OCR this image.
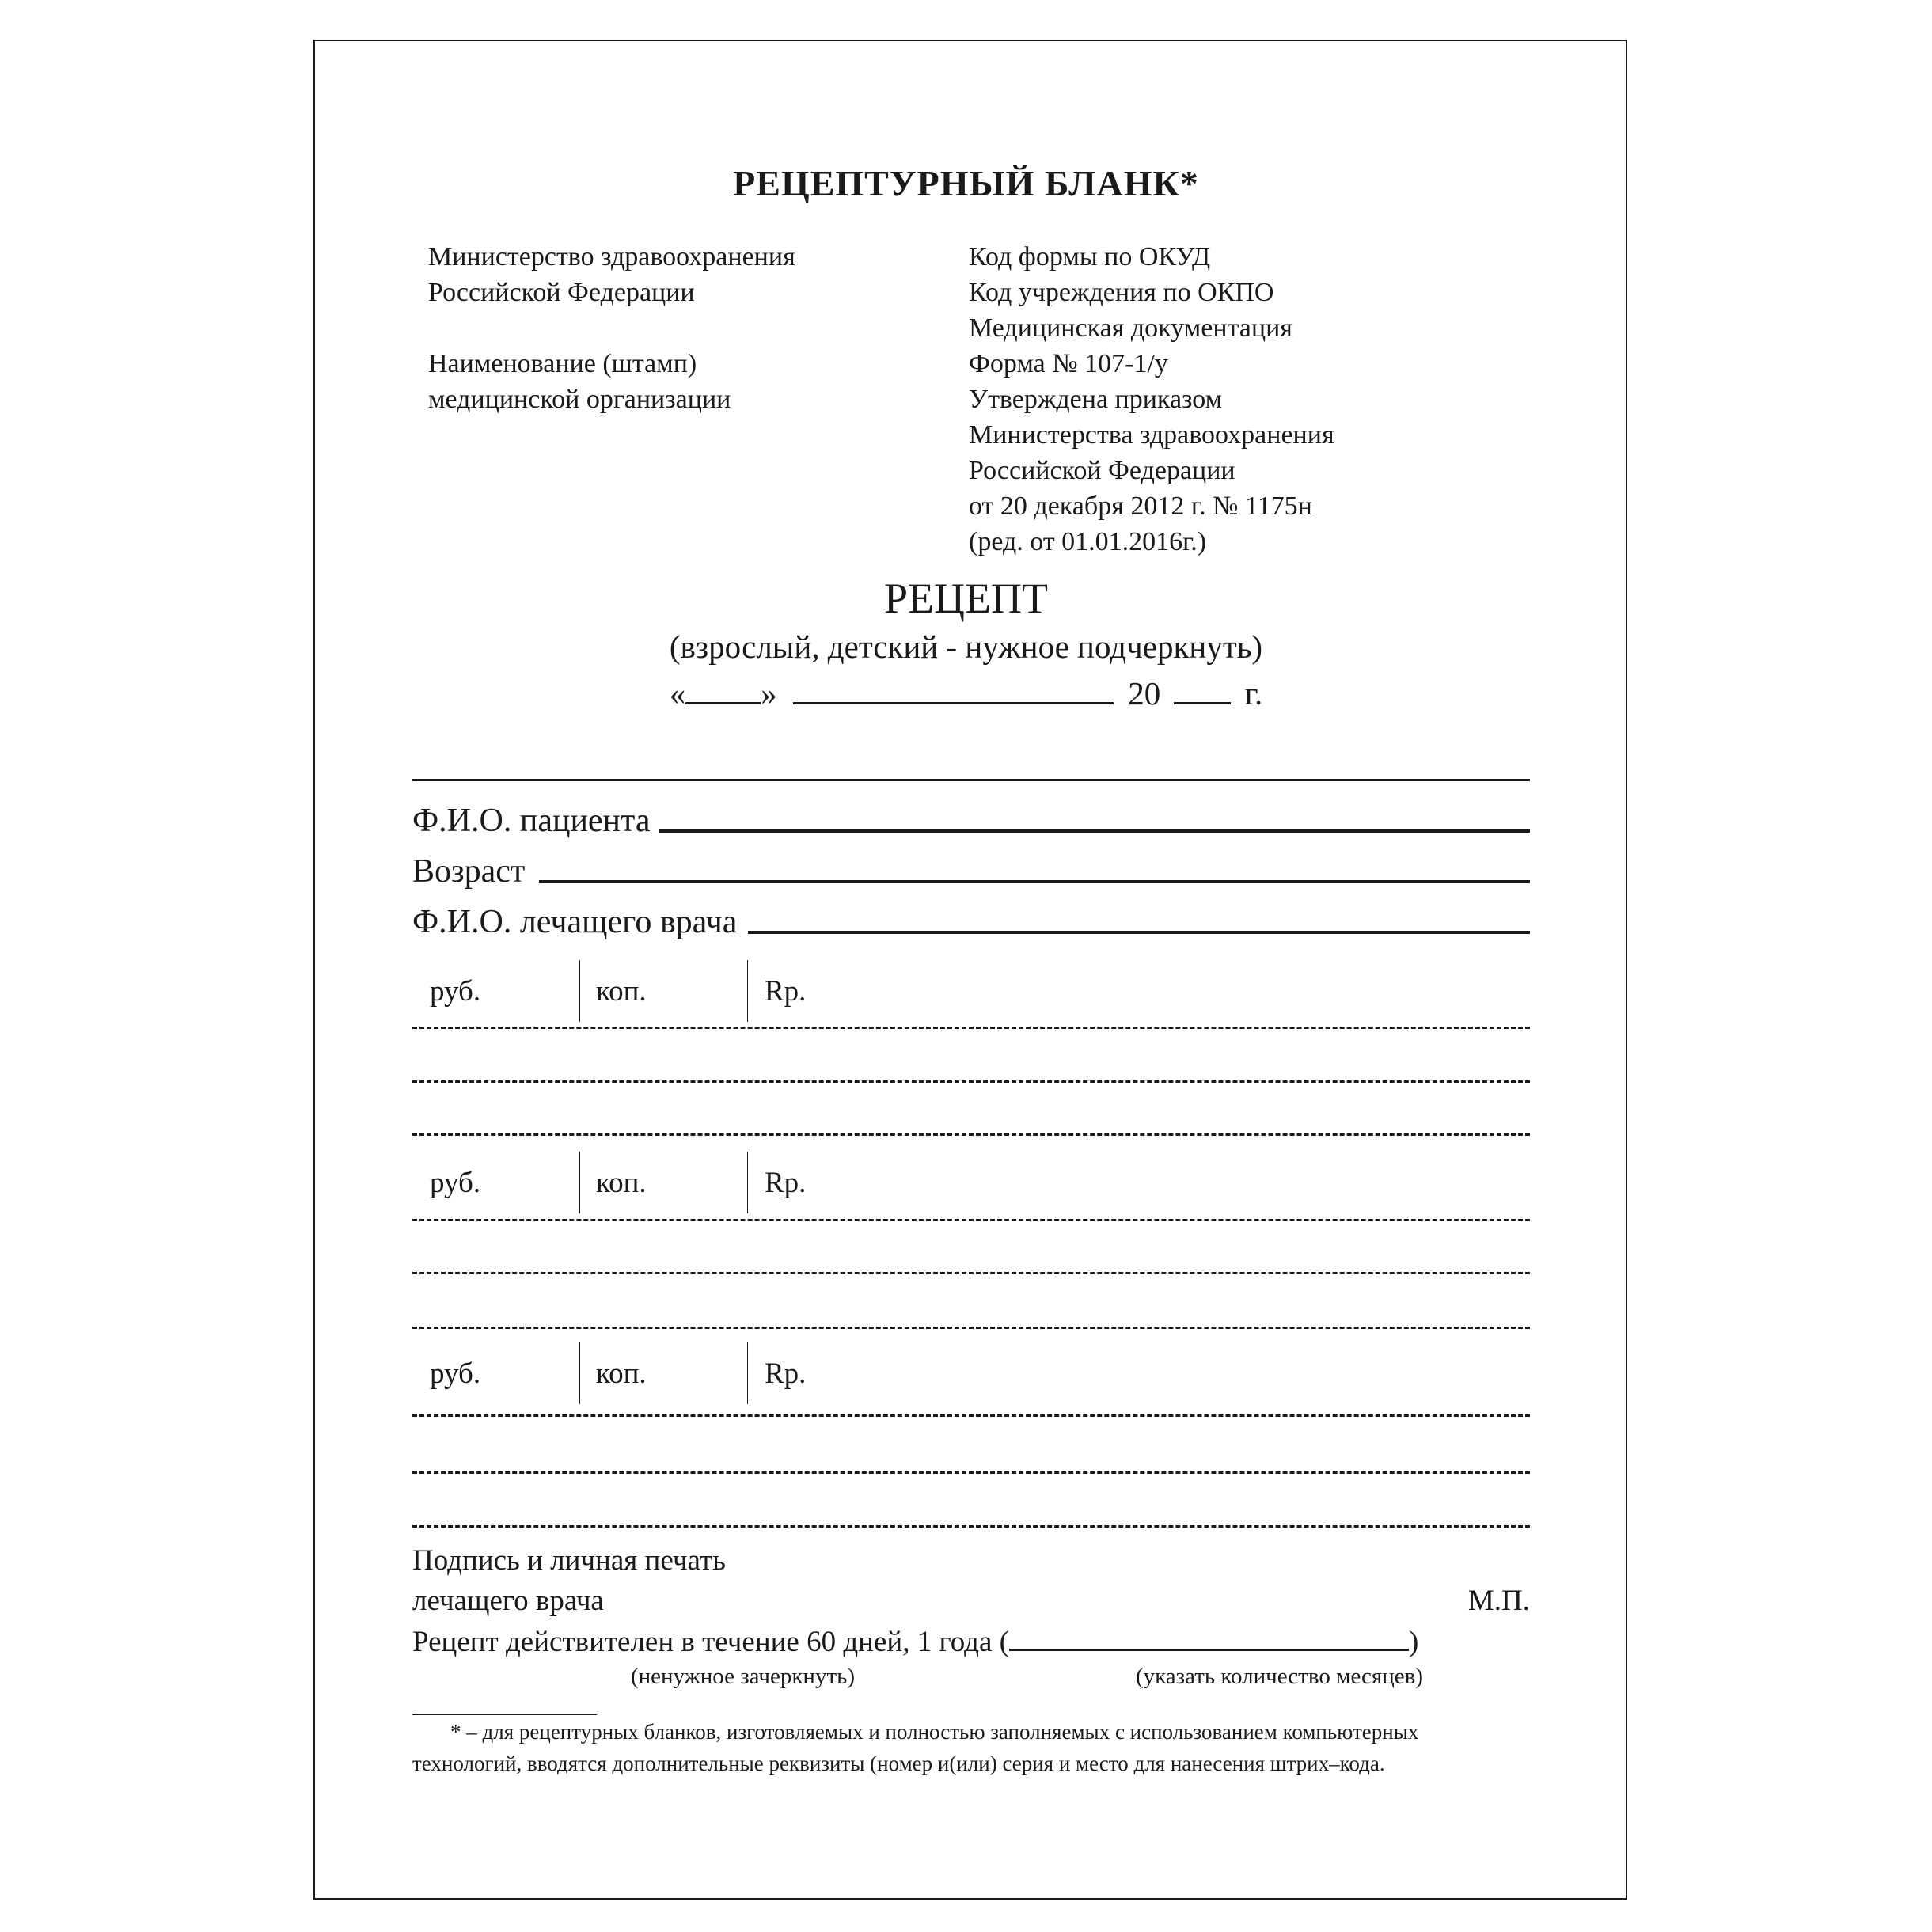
РЕЦЕПТУРНЫЙ БЛАНК*
Министерство здравоохранения
Российской Федерации
Наименование (штамп)
медицинской организации
Код формы по ОКУД
Код учреждения по ОКПО
Медицинская документация
Форма № 107-1/у
Утверждена приказом
Министерства здравоохранения
Российской Федерации
от 20 декабря 2012 г. № 1175н
(ред. от 01.01.2016г.)
РЕЦЕПТ
(взрослый, детский - нужное подчеркнуть)
« »	20	г.
Ф.И.О. пациента
Возраст
Ф.И.О. лечащего врача
руб.	коп.	Rp.
руб.	коп.	Rp.
руб.	коп.	Rp.
Подпись и личная печать
лечащего врача	М.П.
Рецепт действителен в течение 60 дней, 1 года (	)
(ненужное зачеркнуть)	(указать количество месяцев)
* – для рецептурных бланков, изготовляемых и полностью заполняемых с использованием компьютерных
технологий, вводятся дополнительные реквизиты (номер и(или) серия и место для нанесения штрих–кода.
